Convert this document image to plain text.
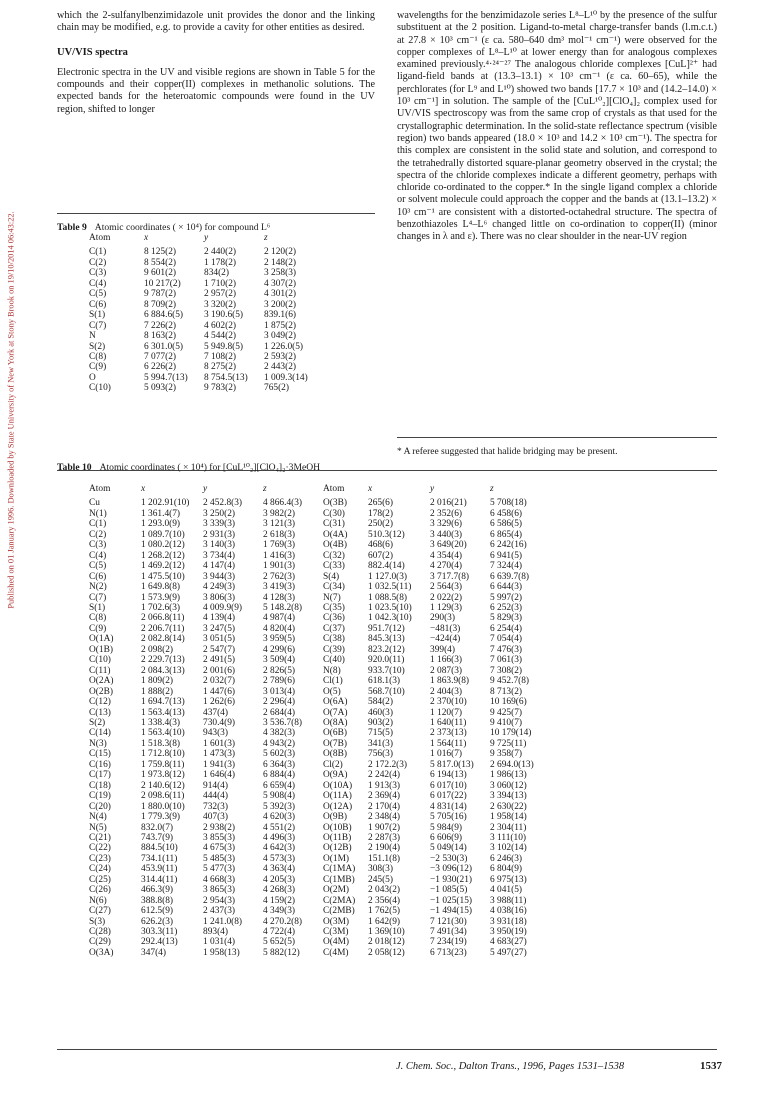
Published on 01 January 1996. Downloaded by State University of New York at Stony Brook on 19/10/2014 06:43:22.

which the 2-sulfanylbenzimidazole unit provides the donor and the linking chain may be modified, e.g. to provide a cavity for other entities as desired.

UV/VIS spectra

Electronic spectra in the UV and visible regions are shown in Table 5 for the compounds and their copper(II) complexes in methanolic solutions. The expected bands for the heteroatomic compounds were found in the UV region, shifted to longer

wavelengths for the benzimidazole series L⁸–L¹⁰ by the presence of the sulfur substituent at the 2 position. Ligand-to-metal charge-transfer bands (l.m.c.t.) at 27.8 × 10³ cm⁻¹ (ε ca. 580–640 dm³ mol⁻¹ cm⁻¹) were observed for the copper complexes of L⁸–L¹⁰ at lower energy than for analogous complexes examined previously.⁴·²⁴⁻²⁷ The analogous chloride complexes [CuL]²⁺ had ligand-field bands at (13.3–13.1) × 10³ cm⁻¹ (ε ca. 60–65), while the perchlorates (for L⁹ and L¹⁰) showed two bands [17.7 × 10³ and (14.2–14.0) × 10³ cm⁻¹] in solution. The sample of the [CuL¹⁰₂][ClO₄]₂ complex used for UV/VIS spectroscopy was from the same crop of crystals as that used for the crystallographic determination. In the solid-state reflectance spectrum (visible region) two bands appeared (18.0 × 10³ and 14.2 × 10³ cm⁻¹). The spectra for this complex are consistent in the solid state and solution, and correspond to the tetrahedrally distorted square-planar geometry observed in the crystal; the spectra of the chloride complexes indicate a different geometry, perhaps with chloride co-ordinated to the copper.* In the single ligand complex a chloride or solvent molecule could approach the copper and the bands at (13.1–13.2) × 10³ cm⁻¹ are consistent with a distorted-octahedral structure. The spectra of benzothiazoles L⁴–L⁶ changed little on co-ordination to copper(II) (minor changes in λ and ε). There was no clear shoulder in the near-UV region

* A referee suggested that halide bridging may be present.
Table 9 Atomic coordinates ( × 10⁴) for compound L⁶
Atom	x	y	z
C(1)	8 125(2)	2 440(2)	2 120(2)
C(2)	8 554(2)	1 178(2)	2 148(2)
C(3)	9 601(2)	834(2)	3 258(3)
C(4)	10 217(2)	1 710(2)	4 307(2)
C(5)	9 787(2)	2 957(2)	4 301(2)
C(6)	8 709(2)	3 320(2)	3 200(2)
S(1)	6 884.6(5)	3 190.6(5)	839.1(6)
C(7)	7 226(2)	4 602(2)	1 875(2)
N	8 163(2)	4 544(2)	3 049(2)
S(2)	6 301.0(5)	5 949.8(5)	1 226.0(5)
C(8)	7 077(2)	7 108(2)	2 593(2)
C(9)	6 226(2)	8 275(2)	2 443(2)
O	5 994.7(13)	8 754.5(13)	1 009.3(14)
C(10)	5 093(2)	9 783(2)	765(2)
Table 10 Atomic coordinates ( × 10⁴) for [CuL¹⁰₂][ClO₄]₂·3MeOH
Atom	x	y	z	Atom	x	y	z
Cu	1 202.91(10)	2 452.8(3)	4 866.4(3)	O(3B)	265(6)	2 016(21)	5 708(18)
N(1)	1 361.4(7)	3 250(2)	3 982(2)	C(30)	178(2)	2 352(6)	6 458(6)
C(1)	1 293.0(9)	3 339(3)	3 121(3)	C(31)	250(2)	3 329(6)	6 586(5)
C(2)	1 089.7(10)	2 931(3)	2 618(3)	O(4A)	510.3(12)	3 440(3)	6 865(4)
C(3)	1 080.2(12)	3 140(3)	1 769(3)	O(4B)	468(6)	3 649(20)	6 242(16)
C(4)	1 268.2(12)	3 734(4)	1 416(3)	C(32)	607(2)	4 354(4)	6 941(5)
C(5)	1 469.2(12)	4 147(4)	1 901(3)	C(33)	882.4(14)	4 270(4)	7 324(4)
C(6)	1 475.5(10)	3 944(3)	2 762(3)	S(4)	1 127.0(3)	3 717.7(8)	6 639.7(8)
N(2)	1 649.8(8)	4 249(3)	3 419(3)	C(34)	1 032.5(11)	2 564(3)	6 644(3)
C(7)	1 573.9(9)	3 806(3)	4 128(3)	N(7)	1 088.5(8)	2 022(2)	5 997(2)
S(1)	1 702.6(3)	4 009.9(9)	5 148.2(8)	C(35)	1 023.5(10)	1 129(3)	6 252(3)
C(8)	2 066.8(11)	4 139(4)	4 987(4)	C(36)	1 042.3(10)	290(3)	5 829(3)
C(9)	2 206.7(11)	3 247(5)	4 820(4)	C(37)	951.7(12)	−481(3)	6 254(4)
O(1A)	2 082.8(14)	3 051(5)	3 959(5)	C(38)	845.3(13)	−424(4)	7 054(4)
O(1B)	2 098(2)	2 547(7)	4 299(6)	C(39)	823.2(12)	399(4)	7 476(3)
C(10)	2 229.7(13)	2 491(5)	3 509(4)	C(40)	920.0(11)	1 166(3)	7 061(3)
C(11)	2 084.3(13)	2 001(6)	2 826(5)	N(8)	933.7(10)	2 087(3)	7 308(2)
O(2A)	1 809(2)	2 032(7)	2 789(6)	Cl(1)	618.1(3)	1 863.9(8)	9 452.7(8)
O(2B)	1 888(2)	1 447(6)	3 013(4)	O(5)	568.7(10)	2 404(3)	8 713(2)
C(12)	1 694.7(13)	1 262(6)	2 296(4)	O(6A)	584(2)	2 370(10)	10 169(6)
C(13)	1 563.4(13)	437(4)	2 684(4)	O(7A)	460(3)	1 120(7)	9 425(7)
S(2)	1 338.4(3)	730.4(9)	3 536.7(8)	O(8A)	903(2)	1 640(11)	9 410(7)
C(14)	1 563.4(10)	943(3)	4 382(3)	O(6B)	715(5)	2 373(13)	10 179(14)
N(3)	1 518.3(8)	1 601(3)	4 943(2)	O(7B)	341(3)	1 564(11)	9 725(11)
C(15)	1 712.8(10)	1 473(3)	5 602(3)	O(8B)	756(3)	1 016(7)	9 358(7)
C(16)	1 759.8(11)	1 941(3)	6 364(3)	Cl(2)	2 172.2(3)	5 817.0(13)	2 694.0(13)
C(17)	1 973.8(12)	1 646(4)	6 884(4)	O(9A)	2 242(4)	6 194(13)	1 986(13)
C(18)	2 140.6(12)	914(4)	6 659(4)	O(10A)	1 913(3)	6 017(10)	3 060(12)
C(19)	2 098.6(11)	444(4)	5 908(4)	O(11A)	2 369(4)	6 017(22)	3 394(13)
C(20)	1 880.0(10)	732(3)	5 392(3)	O(12A)	2 170(4)	4 831(14)	2 630(22)
N(4)	1 779.3(9)	407(3)	4 620(3)	O(9B)	2 348(4)	5 705(16)	1 958(14)
N(5)	832.0(7)	2 938(2)	4 551(2)	O(10B)	1 907(2)	5 984(9)	2 304(11)
C(21)	743.7(9)	3 855(3)	4 496(3)	O(11B)	2 287(3)	6 606(9)	3 111(10)
C(22)	884.5(10)	4 675(3)	4 642(3)	O(12B)	2 190(4)	5 049(14)	3 102(14)
C(23)	734.1(11)	5 485(3)	4 573(3)	O(1M)	151.1(8)	−2 530(3)	6 246(3)
C(24)	453.9(11)	5 477(3)	4 363(4)	C(1MA)	308(3)	−3 096(12)	6 804(9)
C(25)	314.4(11)	4 668(3)	4 205(3)	C(1MB)	245(5)	−1 930(21)	6 975(13)
C(26)	466.3(9)	3 865(3)	4 268(3)	O(2M)	2 043(2)	−1 085(5)	4 041(5)
N(6)	388.8(8)	2 954(3)	4 159(2)	C(2MA)	2 356(4)	−1 025(15)	3 988(11)
C(27)	612.5(9)	2 437(3)	4 349(3)	C(2MB)	1 762(5)	−1 494(15)	4 038(16)
S(3)	626.2(3)	1 241.0(8)	4 270.2(8)	O(3M)	1 642(9)	7 121(30)	3 931(18)
C(28)	303.3(11)	893(4)	4 722(4)	C(3M)	1 369(10)	7 491(34)	3 950(19)
C(29)	292.4(13)	1 031(4)	5 652(5)	O(4M)	2 018(12)	7 234(19)	4 683(27)
O(3A)	347(4)	1 958(13)	5 882(12)	C(4M)	2 058(12)	6 713(23)	5 497(27)
J. Chem. Soc., Dalton Trans., 1996, Pages 1531–1538	1537
